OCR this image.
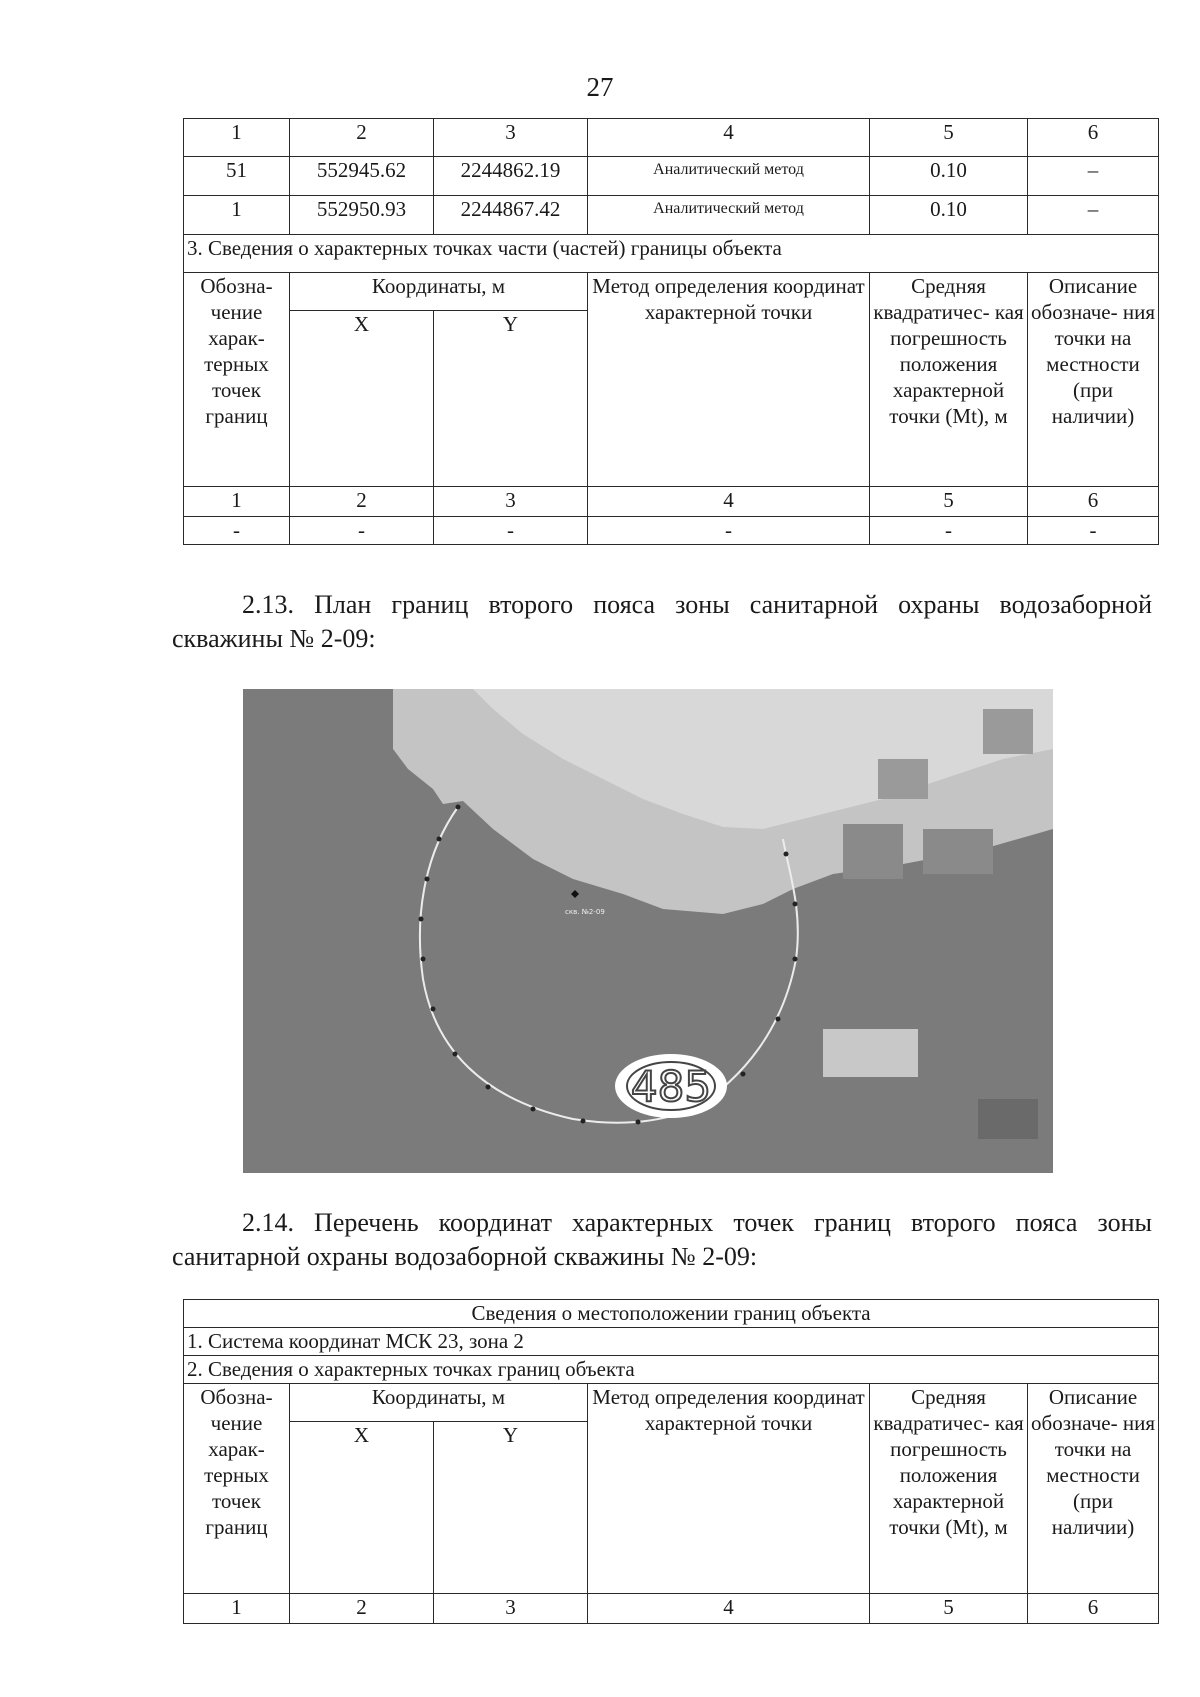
27
1	2	3	4	5	6
51	552945.62	2244862.19	Аналитический метод	0.10	–
1	552950.93	2244867.42	Аналитический метод	0.10	–
3. Сведения о характерных точках части (частей) границы объекта					
Обозна- чение харак- терных точек границ	Координаты, м		Метод определения координат характерной точки	Средняя квадратичес- кая погрешность положения характерной точки (Mt), м	Описание обозначе- ния точки на местности (при наличии)
	X	Y			
1	2	3	4	5	6
-	-	-	-	-	-
2.13. План границ второго пояса зоны санитарной охраны водозаборной скважины № 2-09:
скв. №2-09
485
2.14. Перечень координат характерных точек границ второго пояса зоны санитарной охраны водозаборной скважины № 2-09:
Сведения о местоположении границ объекта					
1. Система координат МСК 23, зона 2					
2. Сведения о характерных точках границ объекта					
Обозна- чение харак- терных точек границ	Координаты, м		Метод определения координат характерной точки	Средняя квадратичес- кая погрешность положения характерной точки (Mt), м	Описание обозначе- ния точки на местности (при наличии)
	X	Y			
1	2	3	4	5	6
